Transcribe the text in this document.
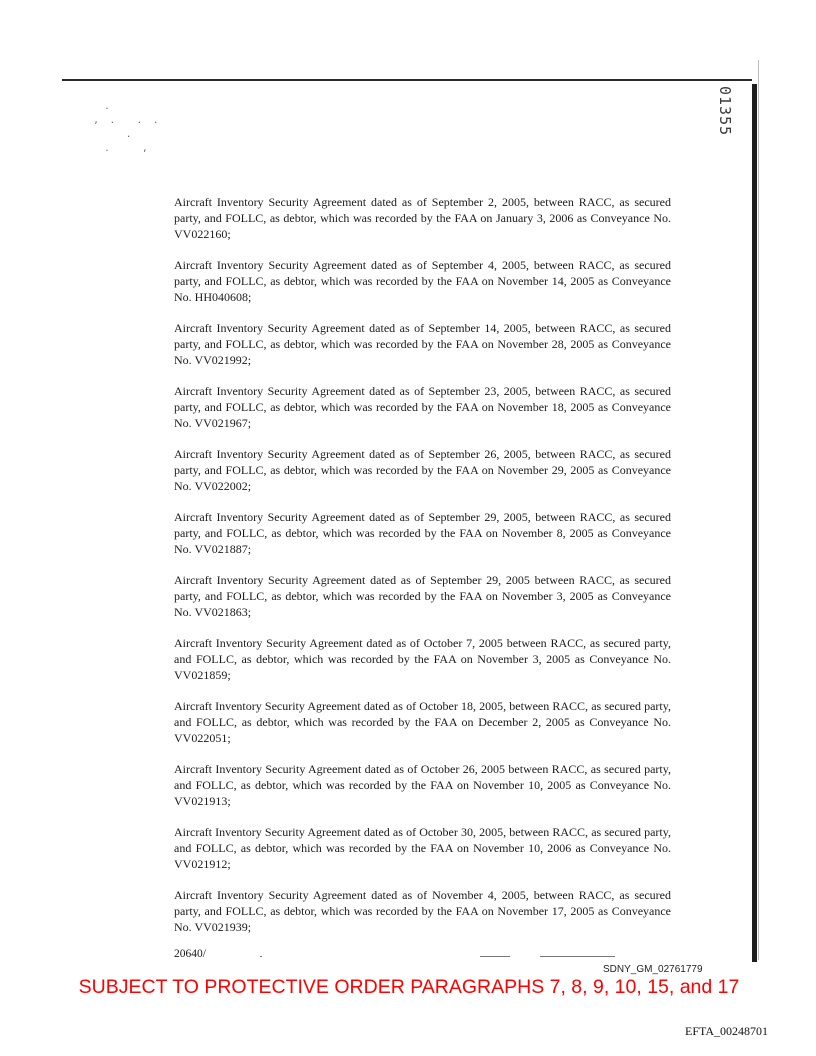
01355
.
,  .    .  .
.
.      ,

Aircraft Inventory Security Agreement dated as of September 2, 2005, between RACC, as secured party, and FOLLC, as debtor, which was recorded by the FAA on January 3, 2006 as Conveyance No. VV022160;

Aircraft Inventory Security Agreement dated as of September 4, 2005, between RACC, as secured party, and FOLLC, as debtor, which was recorded by the FAA on November 14, 2005 as Conveyance No. HH040608;

Aircraft Inventory Security Agreement dated as of September 14, 2005, between RACC, as secured party, and FOLLC, as debtor, which was recorded by the FAA on November 28, 2005 as Conveyance No. VV021992;

Aircraft Inventory Security Agreement dated as of September 23, 2005, between RACC, as secured party, and FOLLC, as debtor, which was recorded by the FAA on November 18, 2005 as Conveyance No. VV021967;

Aircraft Inventory Security Agreement dated as of September 26, 2005, between RACC, as secured party, and FOLLC, as debtor, which was recorded by the FAA on November 29, 2005 as Conveyance No. VV022002;

Aircraft Inventory Security Agreement dated as of September 29, 2005, between RACC, as secured party, and FOLLC, as debtor, which was recorded by the FAA on November 8, 2005 as Conveyance No. VV021887;

Aircraft Inventory Security Agreement dated as of September 29, 2005 between RACC, as secured party, and FOLLC, as debtor, which was recorded by the FAA on November 3, 2005 as Conveyance No. VV021863;

Aircraft Inventory Security Agreement dated as of October 7, 2005 between RACC, as secured party, and FOLLC, as debtor, which was recorded by the FAA on November 3, 2005 as Conveyance No. VV021859;

Aircraft Inventory Security Agreement dated as of October 18, 2005, between RACC, as secured party, and FOLLC, as debtor, which was recorded by the FAA on December 2, 2005 as Conveyance No. VV022051;

Aircraft Inventory Security Agreement dated as of October 26, 2005 between RACC, as secured party, and FOLLC, as debtor, which was recorded by the FAA on November 10, 2005 as Conveyance No. VV021913;

Aircraft Inventory Security Agreement dated as of October 30, 2005, between RACC, as secured party, and FOLLC, as debtor, which was recorded by the FAA on November 10, 2006 as Conveyance No. VV021912;

Aircraft Inventory Security Agreement dated as of November 4, 2005, between RACC, as secured party, and FOLLC, as debtor, which was recorded by the FAA on November 17, 2005 as Conveyance No. VV021939;

20640/
SDNY_GM_02761779
SUBJECT TO PROTECTIVE ORDER PARAGRAPHS 7, 8, 9, 10, 15, and 17
EFTA_00248701
